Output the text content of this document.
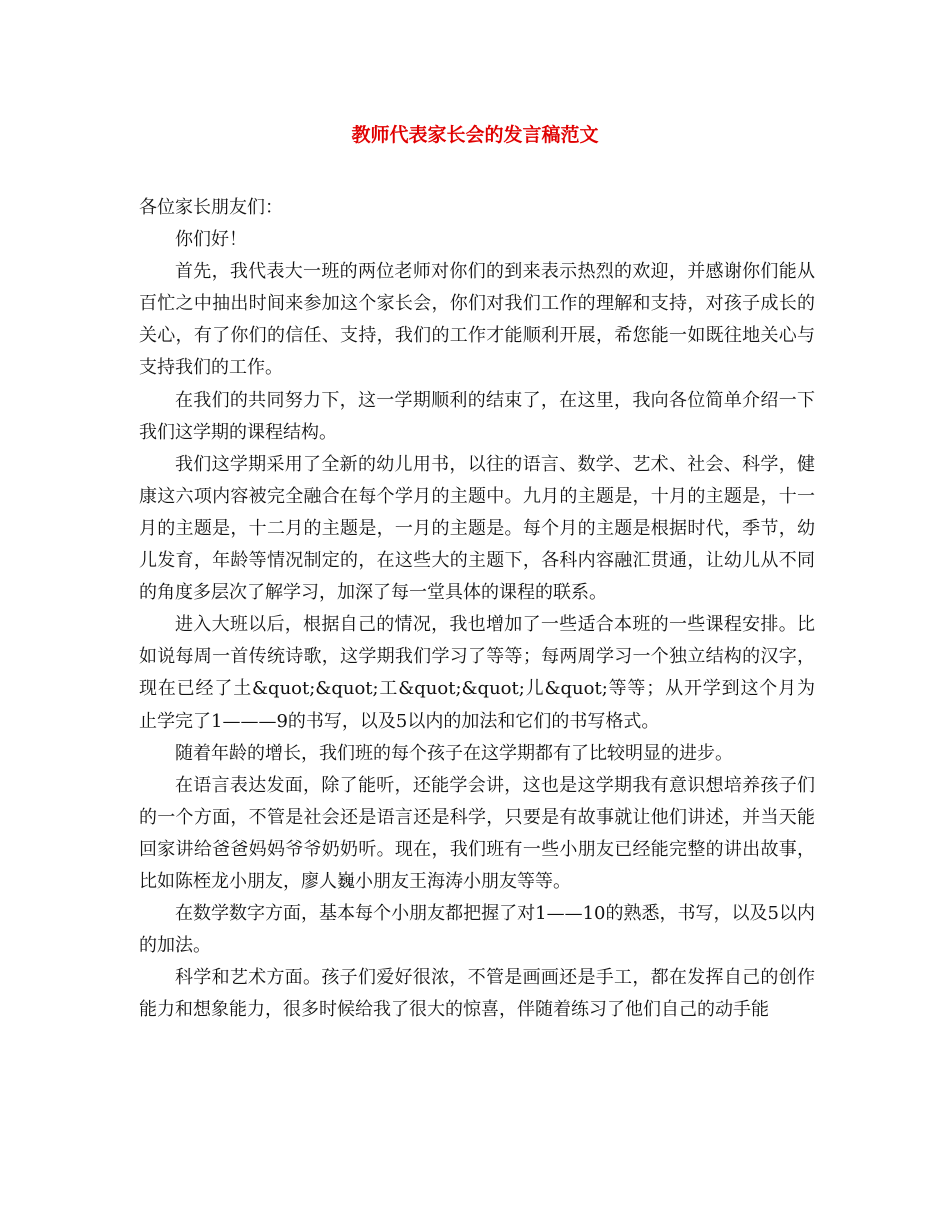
教师代表家长会的发言稿范文

各位家长朋友们：

你们好！

首先，我代表大一班的两位老师对你们的到来表示热烈的欢迎，并感谢你们能从百忙之中抽出时间来参加这个家长会，你们对我们工作的理解和支持，对孩子成长的关心，有了你们的信任、支持，我们的工作才能顺利开展，希您能一如既往地关心与支持我们的工作。

在我们的共同努力下，这一学期顺利的结束了，在这里，我向各位简单介绍一下我们这学期的课程结构。

我们这学期采用了全新的幼儿用书，以往的语言、数学、艺术、社会、科学，健康这六项内容被完全融合在每个学月的主题中。九月的主题是，十月的主题是，十一月的主题是，十二月的主题是，一月的主题是。每个月的主题是根据时代，季节，幼儿发育，年龄等情况制定的，在这些大的主题下，各科内容融汇贯通，让幼儿从不同的角度多层次了解学习，加深了每一堂具体的课程的联系。

进入大班以后，根据自己的情况，我也增加了一些适合本班的一些课程安排。比如说每周一首传统诗歌，这学期我们学习了等等；每两周学习一个独立结构的汉字，现在已经了土&quot;&quot;工&quot;&quot;儿&quot;等等；从开学到这个月为止学完了1———9的书写，以及5以内的加法和它们的书写格式。

随着年龄的增长，我们班的每个孩子在这学期都有了比较明显的进步。

在语言表达发面，除了能听，还能学会讲，这也是这学期我有意识想培养孩子们的一个方面，不管是社会还是语言还是科学，只要是有故事就让他们讲述，并当天能回家讲给爸爸妈妈爷爷奶奶听。现在，我们班有一些小朋友已经能完整的讲出故事，比如陈桎龙小朋友，廖人巍小朋友王海涛小朋友等等。

在数学数字方面，基本每个小朋友都把握了对1——10的熟悉，书写，以及5以内的加法。

科学和艺术方面。孩子们爱好很浓，不管是画画还是手工，都在发挥自己的创作能力和想象能力，很多时候给我了很大的惊喜，伴随着练习了他们自己的动手能
